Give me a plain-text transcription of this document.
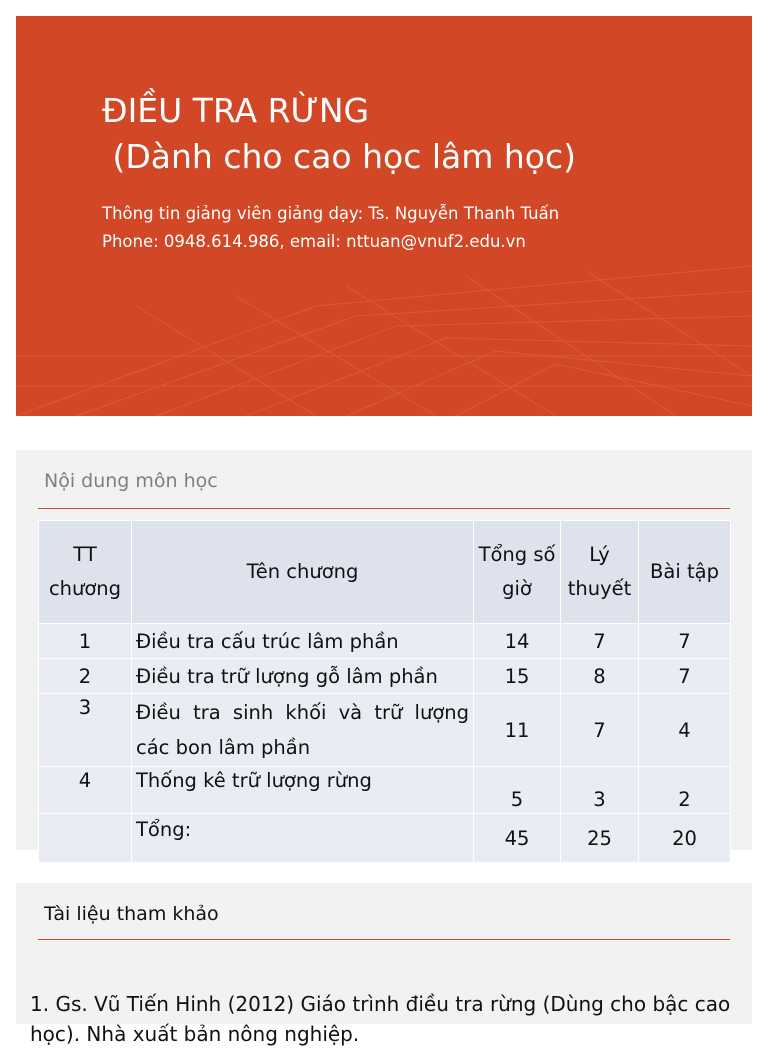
ĐIỀU TRA RỪNG
(Dành cho cao học lâm học)
Thông tin giảng viên giảng dạy: Ts. Nguyễn Thanh Tuấn
Phone: 0948.614.986, email: nttuan@vnuf2.edu.vn
Nội dung môn học
TT chương	Tên chương	Tổng số giờ	Lý thuyết	Bài tập
1	Điều tra cấu trúc lâm phần	14	7	7
2	Điều tra trữ lượng gỗ lâm phần	15	8	7
3	Điều tra sinh khối và trữ lượng các bon lâm phần	11	7	4
4	Thống kê trữ lượng rừng	5	3	2
	Tổng:	45	25	20
Tài liệu tham khảo
1. Gs. Vũ Tiến Hinh (2012) Giáo trình điều tra rừng (Dùng cho bậc cao học). Nhà xuất bản nông nghiệp.
